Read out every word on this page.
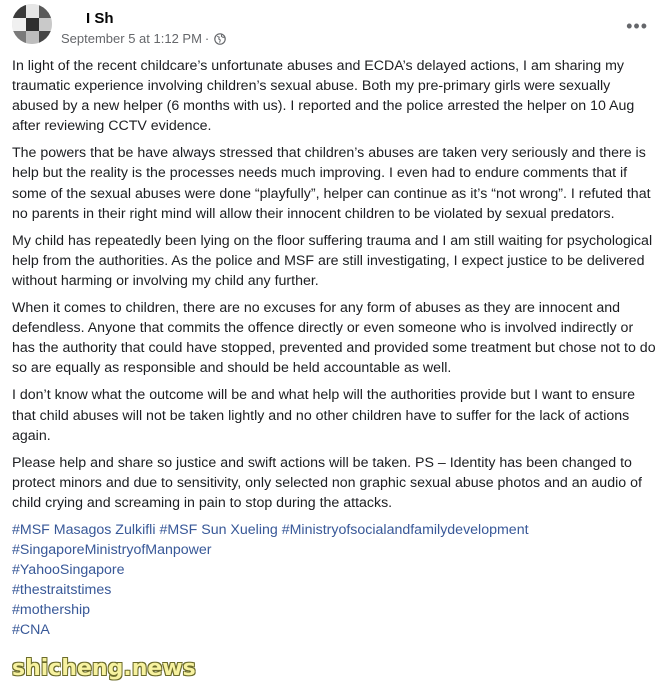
I Sh
September 5 at 1:12 PM ·
•••

In light of the recent childcare’s unfortunate abuses and ECDA’s delayed actions, I am sharing my traumatic experience involving children’s sexual abuse. Both my pre-primary girls were sexually abused by a new helper (6 months with us). I reported and the police arrested the helper on 10 Aug after reviewing CCTV evidence.

The powers that be have always stressed that children’s abuses are taken very seriously and there is help but the reality is the processes needs much improving. I even had to endure comments that if some of the sexual abuses were done “playfully”, helper can continue as it’s “not wrong”. I refuted that no parents in their right mind will allow their innocent children to be violated by sexual predators.

My child has repeatedly been lying on the floor suffering trauma and I am still waiting for psychological help from the authorities. As the police and MSF are still investigating, I expect justice to be delivered without harming or involving my child any further.

When it comes to children, there are no excuses for any form of abuses as they are innocent and defendless. Anyone that commits the offence directly or even someone who is involved indirectly or has the authority that could have stopped, prevented and provided some treatment but chose not to do so are equally as responsible and should be held accountable as well.

I don’t know what the outcome will be and what help will the authorities provide but I want to ensure that child abuses will not be taken lightly and no other children have to suffer for the lack of actions again.

Please help and share so justice and swift actions will be taken. PS – Identity has been changed to protect minors and due to sensitivity, only selected non graphic sexual abuse photos and an audio of child crying and screaming in pain to stop during the attacks.

#MSF Masagos Zulkifli #MSF Sun Xueling #Ministryofsocialandfamilydevelopment
#SingaporeMinistryofManpower
#YahooSingapore
#thestraitstimes
#mothership
#CNA
shicheng.news
